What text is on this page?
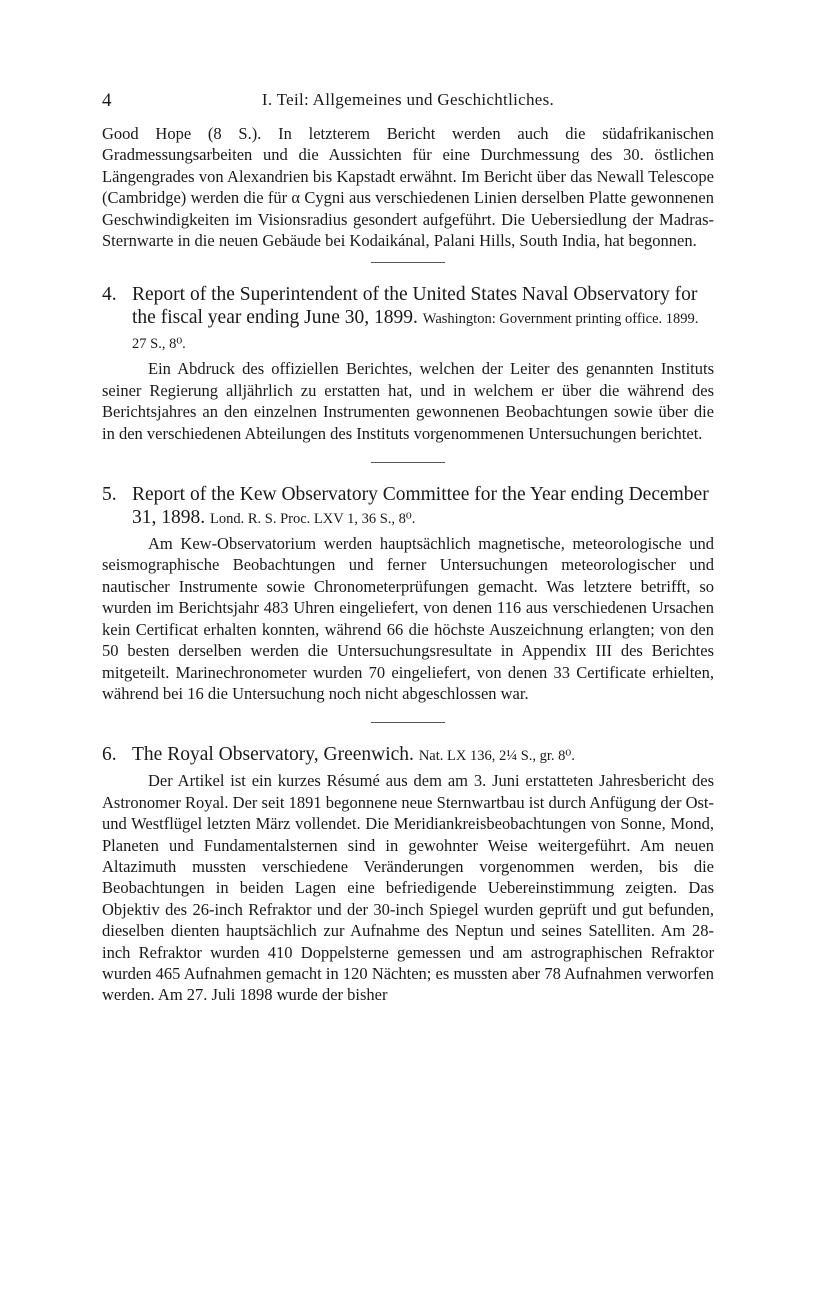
4	I. Teil: Allgemeines und Geschichtliches.

Good Hope (8 S.). In letzterem Bericht werden auch die südafrikanischen Gradmessungsarbeiten und die Aussichten für eine Durchmessung des 30. östlichen Längengrades von Alexandrien bis Kapstadt erwähnt. Im Bericht über das Newall Telescope (Cambridge) werden die für α Cygni aus verschiedenen Linien derselben Platte gewonnenen Geschwindigkeiten im Visionsradius gesondert aufgeführt. Die Uebersiedlung der Madras-Sternwarte in die neuen Gebäude bei Kodaikánal, Palani Hills, South India, hat begonnen.

4. Report of the Superintendent of the United States Naval Observatory for the fiscal year ending June 30, 1899. Washington: Government printing office. 1899. 27 S., 8⁰.

Ein Abdruck des offiziellen Berichtes, welchen der Leiter des genannten Instituts seiner Regierung alljährlich zu erstatten hat, und in welchem er über die während des Berichtsjahres an den einzelnen Instrumenten gewonnenen Beobachtungen sowie über die in den verschiedenen Abteilungen des Instituts vorgenommenen Untersuchungen berichtet.

5. Report of the Kew Observatory Committee for the Year ending December 31, 1898. Lond. R. S. Proc. LXV 1, 36 S., 8⁰.

Am Kew-Observatorium werden hauptsächlich magnetische, meteorologische und seismographische Beobachtungen und ferner Untersuchungen meteorologischer und nautischer Instrumente sowie Chronometerprüfungen gemacht. Was letztere betrifft, so wurden im Berichtsjahr 483 Uhren eingeliefert, von denen 116 aus verschiedenen Ursachen kein Certificat erhalten konnten, während 66 die höchste Auszeichnung erlangten; von den 50 besten derselben werden die Untersuchungsresultate in Appendix III des Berichtes mitgeteilt. Marinechronometer wurden 70 eingeliefert, von denen 33 Certificate erhielten, während bei 16 die Untersuchung noch nicht abgeschlossen war.

6. The Royal Observatory, Greenwich. Nat. LX 136, 2¼ S., gr. 8⁰.

Der Artikel ist ein kurzes Résumé aus dem am 3. Juni erstatteten Jahresbericht des Astronomer Royal. Der seit 1891 begonnene neue Sternwartbau ist durch Anfügung der Ost- und Westflügel letzten März vollendet. Die Meridiankreisbeobachtungen von Sonne, Mond, Planeten und Fundamentalsternen sind in gewohnter Weise weitergeführt. Am neuen Altazimuth mussten verschiedene Veränderungen vorgenommen werden, bis die Beobachtungen in beiden Lagen eine befriedigende Uebereinstimmung zeigten. Das Objektiv des 26-inch Refraktor und der 30-inch Spiegel wurden geprüft und gut befunden, dieselben dienten hauptsächlich zur Aufnahme des Neptun und seines Satelliten. Am 28-inch Refraktor wurden 410 Doppelsterne gemessen und am astrographischen Refraktor wurden 465 Aufnahmen gemacht in 120 Nächten; es mussten aber 78 Aufnahmen verworfen werden. Am 27. Juli 1898 wurde der bisher
